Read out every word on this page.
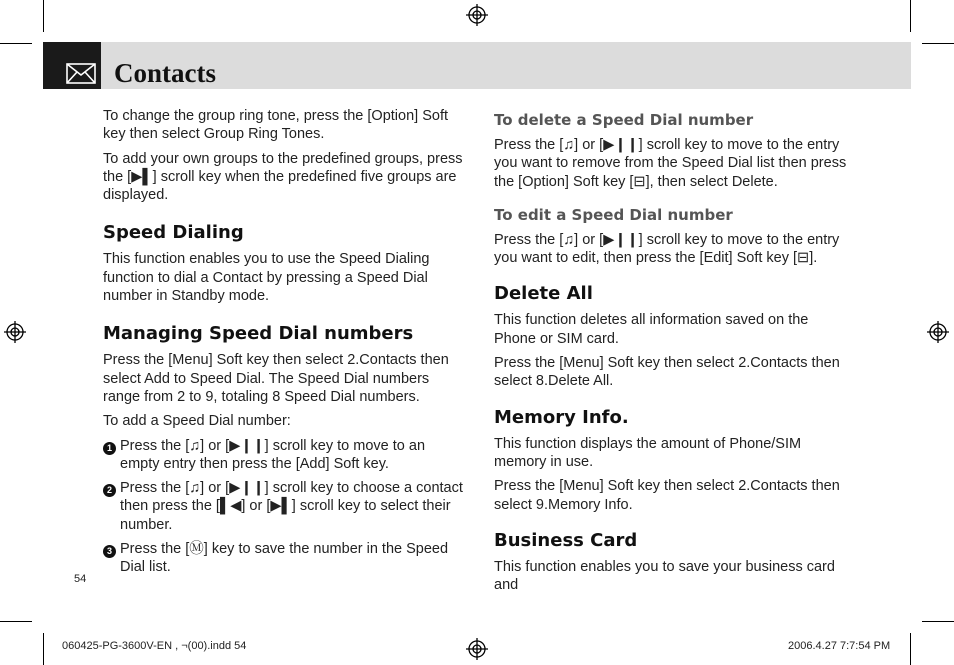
Contacts

To change the group ring tone, press the [Option] Soft key then select Group Ring Tones.

To add your own groups to the predefined groups, press the [▶▌] scroll key when the predefined five groups are displayed.

Speed Dialing

This function enables you to use the Speed Dialing function to dial a Contact by pressing a Speed Dial number in Standby mode.

Managing Speed Dial numbers

Press the [Menu] Soft key then select 2.Contacts then select Add to Speed Dial. The Speed Dial numbers range from 2 to 9, totaling 8 Speed Dial numbers.

To add a Speed Dial number:

1 Press the [♫] or [▶❙❙] scroll key to move to an empty entry then press the [Add] Soft key.
2 Press the [♫] or [▶❙❙] scroll key to choose a contact then press the [▌◀] or [▶▌] scroll key to select their number.
3 Press the [Ⓜ] key to save the number in the Speed Dial list.
To delete a Speed Dial number

Press the [♫] or [▶❙❙] scroll key to move to the entry you want to remove from the Speed Dial list then press the [Option] Soft key [⊟], then select Delete.

To edit a Speed Dial number

Press the [♫] or [▶❙❙] scroll key to move to the entry you want to edit, then press the [Edit] Soft key [⊟].

Delete All

This function deletes all information saved on the Phone or SIM card.

Press the [Menu] Soft key then select 2.Contacts then select 8.Delete All.

Memory Info.

This function displays the amount of Phone/SIM memory in use.

Press the [Menu] Soft key then select 2.Contacts then select 9.Memory Info.

Business Card

This function enables you to save your business card and

54
060425-PG-3600V-EN , ¬(00).indd 54	2006.4.27 7:7:54 PM
